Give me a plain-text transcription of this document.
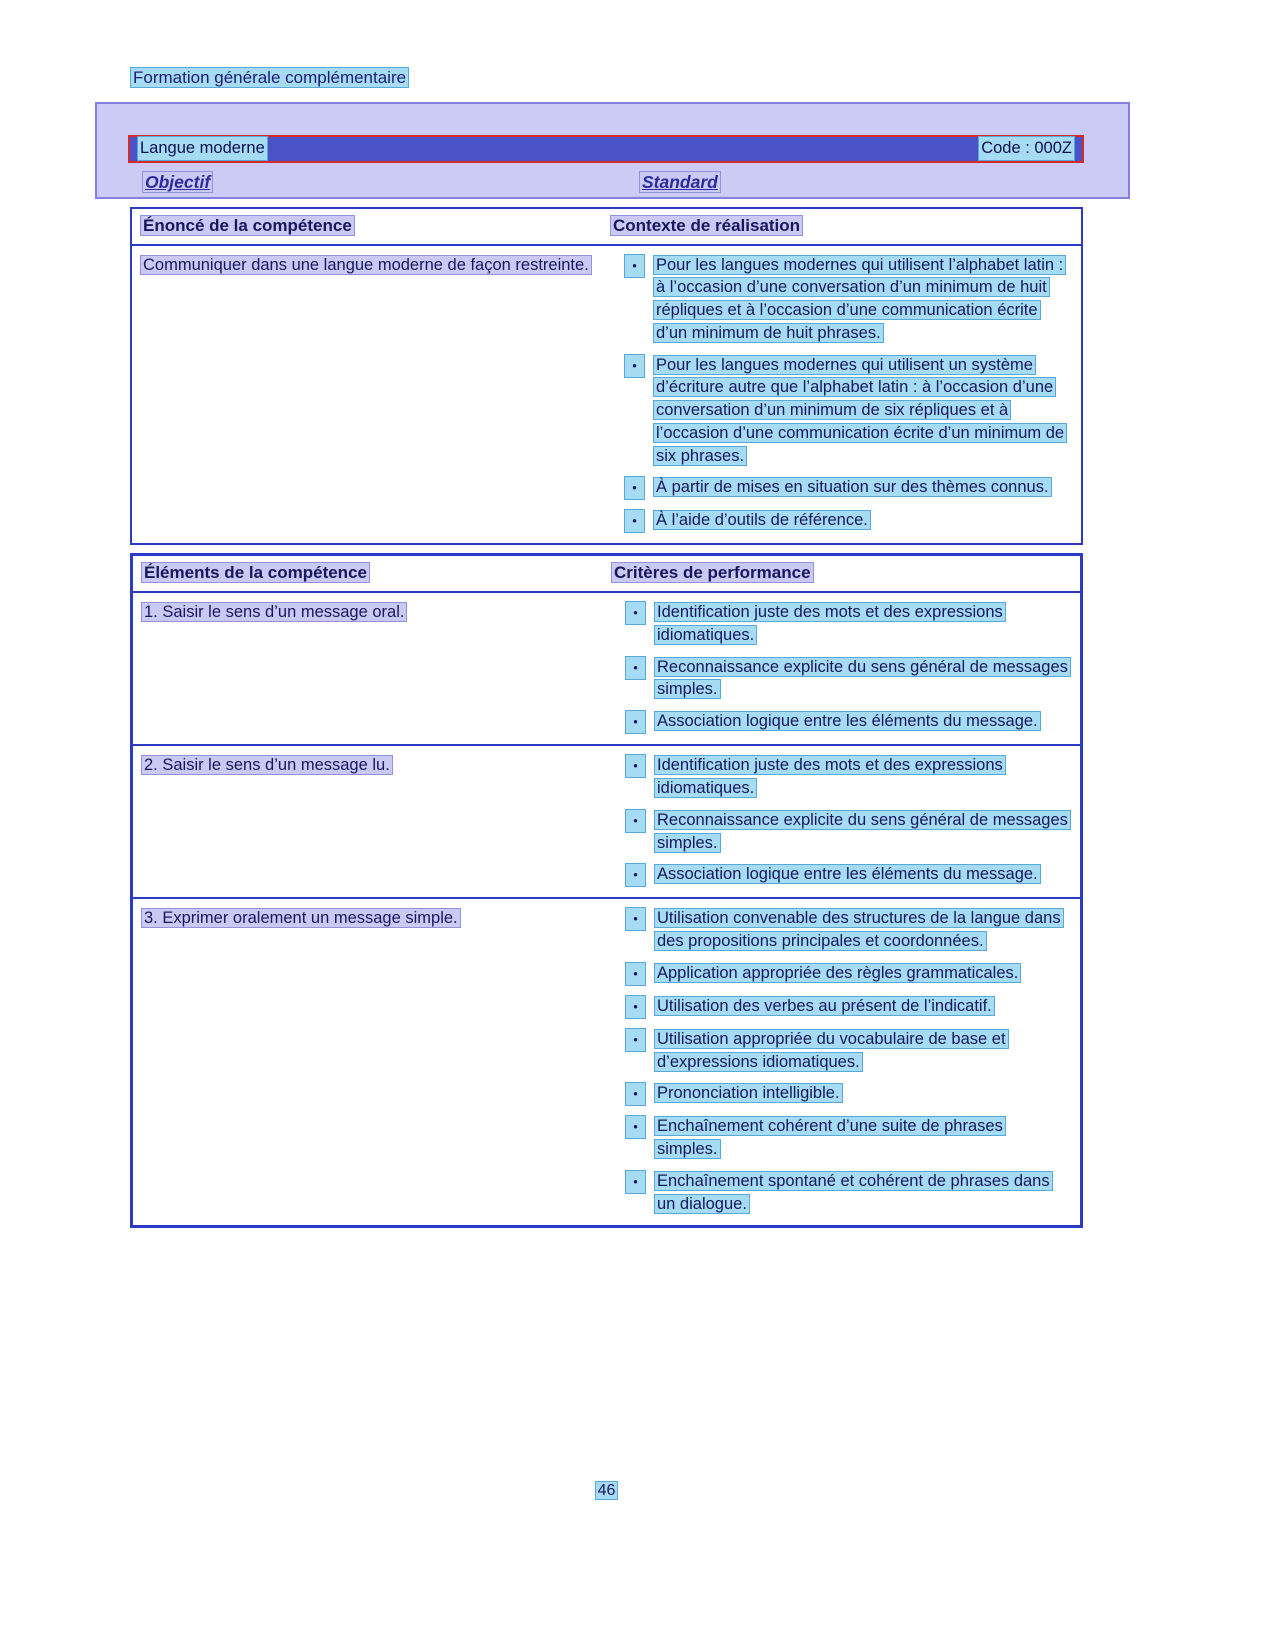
Formation générale complémentaire
Langue moderne	Code : 000Z
Objectif	Standard
Énoncé de la compétence	Contexte de réalisation
Communiquer dans une langue moderne de façon restreinte.	•	Pour les langues modernes qui utilisent l’alphabet latin : à l’occasion d’une conversation d’un minimum de huit répliques et à l’occasion d’une communication écrite d’un minimum de huit phrases.
•	Pour les langues modernes qui utilisent un système d’écriture autre que l’alphabet latin : à l’occasion d’une conversation d’un minimum de six répliques et à l’occasion d’une communication écrite d’un minimum de six phrases.
•	À partir de mises en situation sur des thèmes connus.
•	À l’aide d’outils de référence.
Éléments de la compétence	Critères de performance
1. Saisir le sens d’un message oral.	•	Identification juste des mots et des expressions idiomatiques.
•	Reconnaissance explicite du sens général de messages simples.
•	Association logique entre les éléments du message.
2. Saisir le sens d’un message lu.	•	Identification juste des mots et des expressions idiomatiques.
•	Reconnaissance explicite du sens général de messages simples.
•	Association logique entre les éléments du message.
3. Exprimer oralement un message simple.	•	Utilisation convenable des structures de la langue dans des propositions principales et coordonnées.
•	Application appropriée des règles grammaticales.
•	Utilisation des verbes au présent de l’indicatif.
•	Utilisation appropriée du vocabulaire de base et d’expressions idiomatiques.
•	Prononciation intelligible.
•	Enchaînement cohérent d’une suite de phrases simples.
•	Enchaînement spontané et cohérent de phrases dans un dialogue.
46
